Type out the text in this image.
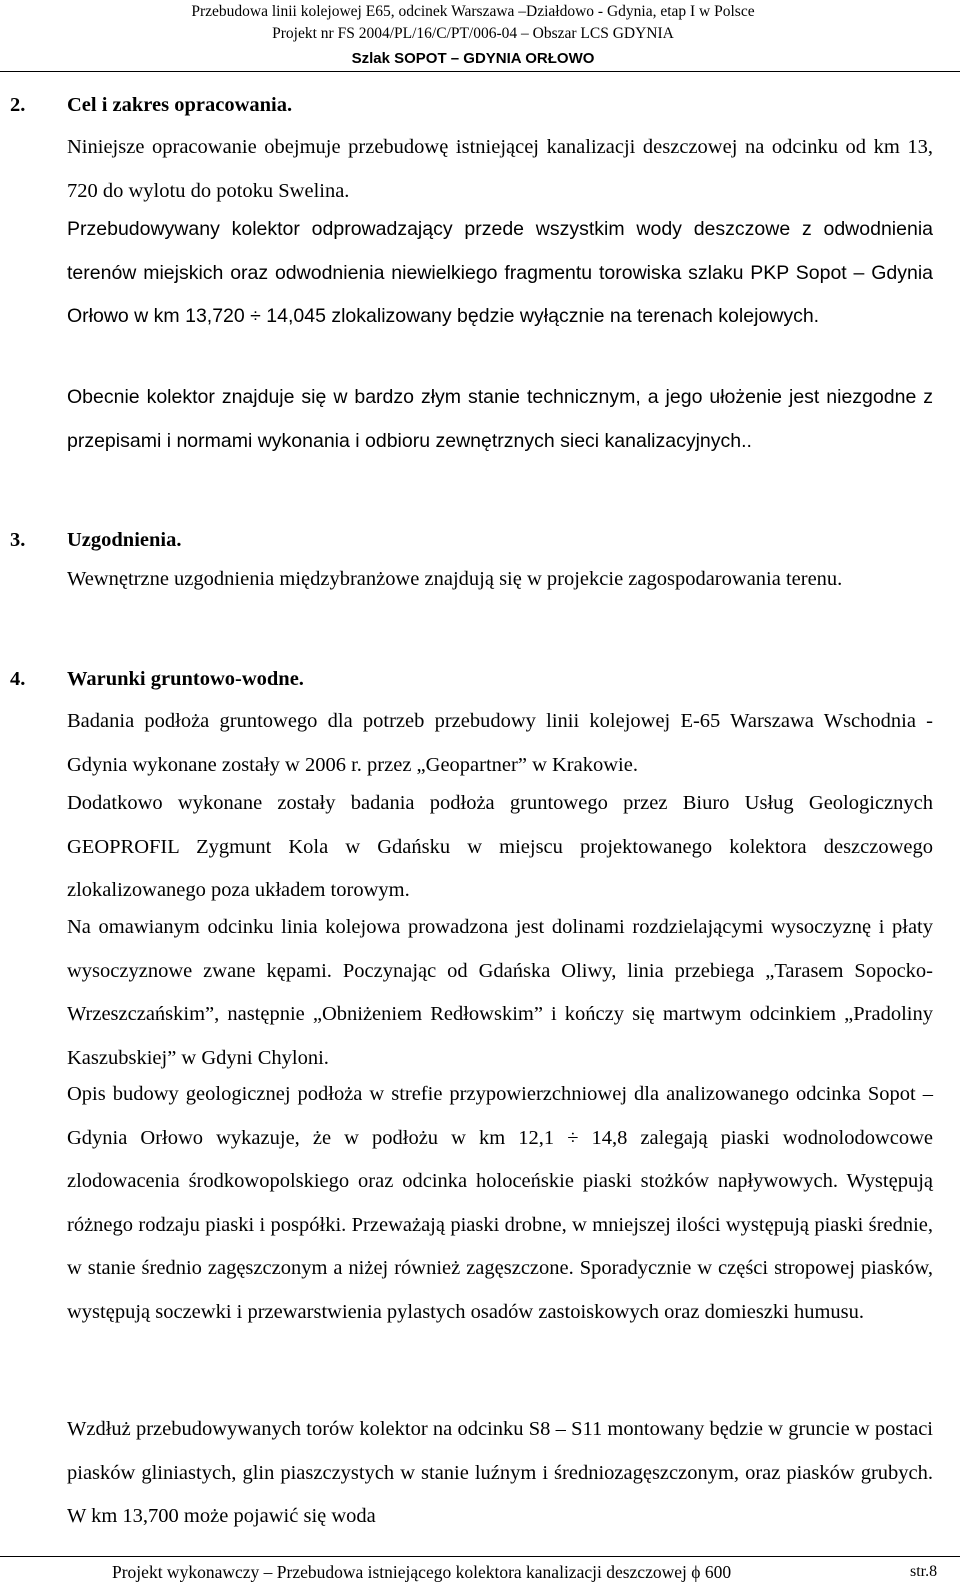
Przebudowa linii kolejowej E65, odcinek Warszawa –Działdowo - Gdynia, etap I w Polsce
Projekt nr FS 2004/PL/16/C/PT/006-04 – Obszar LCS GDYNIA
Szlak SOPOT – GDYNIA ORŁOWO
2. Cel i zakres opracowania.
Niniejsze opracowanie obejmuje przebudowę istniejącej kanalizacji deszczowej na odcinku od km 13, 720 do wylotu do potoku Swelina.
Przebudowywany kolektor odprowadzający przede wszystkim wody deszczowe z odwodnienia terenów miejskich oraz odwodnienia niewielkiego fragmentu torowiska szlaku PKP Sopot – Gdynia Orłowo w km 13,720 ÷ 14,045 zlokalizowany będzie wyłącznie na terenach kolejowych.
Obecnie kolektor znajduje się w bardzo złym stanie technicznym, a jego ułożenie jest niezgodne z przepisami i normami wykonania i odbioru zewnętrznych sieci kanalizacyjnych..
3. Uzgodnienia.
Wewnętrzne uzgodnienia międzybranżowe znajdują się w projekcie zagospodarowania terenu.
4. Warunki gruntowo-wodne.
Badania podłoża gruntowego dla potrzeb przebudowy linii kolejowej E-65 Warszawa Wschodnia - Gdynia wykonane zostały w 2006 r. przez „Geopartner” w Krakowie.
Dodatkowo wykonane zostały badania podłoża gruntowego przez Biuro Usług Geologicznych GEOPROFIL Zygmunt Kola w Gdańsku w miejscu projektowanego kolektora deszczowego zlokalizowanego poza układem torowym.
Na omawianym odcinku linia kolejowa prowadzona jest dolinami rozdzielającymi wysoczyznę i płaty wysoczyznowe zwane kępami. Poczynając od Gdańska Oliwy, linia przebiega „Tarasem Sopocko-Wrzeszczańskim”, następnie „Obniżeniem Redłowskim” i kończy się martwym odcinkiem „Pradoliny Kaszubskiej” w Gdyni Chyloni.
Opis budowy geologicznej podłoża w strefie przypowierzchniowej dla analizowanego odcinka Sopot – Gdynia Orłowo wykazuje, że w podłożu w km 12,1 ÷ 14,8 zalegają piaski wodnolodowcowe zlodowacenia środkowopolskiego oraz odcinka holoceńskie piaski stożków napływowych. Występują różnego rodzaju piaski i pospółki. Przeważają piaski drobne, w mniejszej ilości występują piaski średnie, w stanie średnio zagęszczonym a niżej również zagęszczone. Sporadycznie w części stropowej piasków, występują soczewki i przewarstwienia pylastych osadów zastoiskowych oraz domieszki humusu.
Wzdłuż przebudowywanych torów kolektor na odcinku S8 – S11 montowany będzie w gruncie w postaci piasków gliniastych, glin piaszczystych w stanie luźnym i średniozagęszczonym, oraz piasków grubych. W km 13,700 może pojawić się woda
Projekt wykonawczy – Przebudowa istniejącego kolektora kanalizacji deszczowej ϕ 600	str.8
